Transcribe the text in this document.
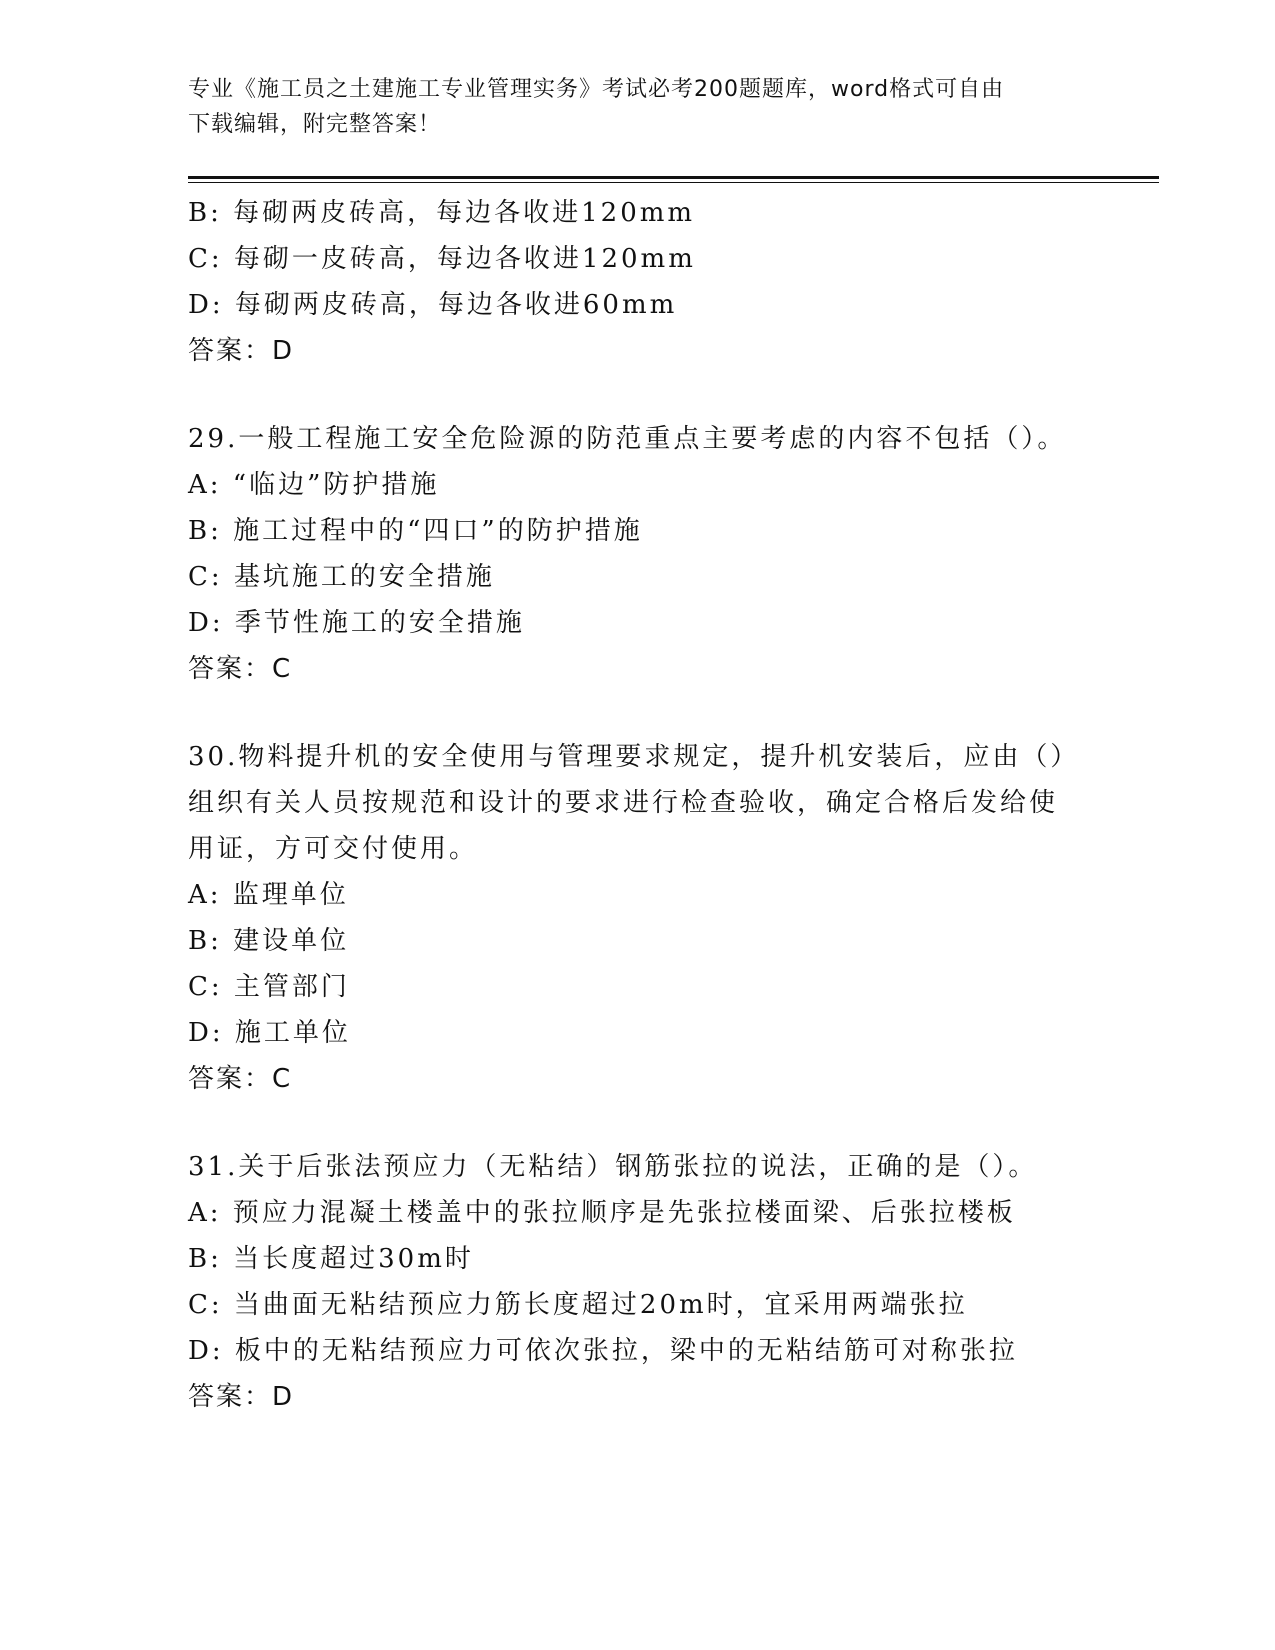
专业《施工员之土建施工专业管理实务》考试必考200题题库，word格式可自由
下载编辑，附完整答案！
B: 每砌两皮砖高，每边各收进120mm
C: 每砌一皮砖高，每边各收进120mm
D: 每砌两皮砖高，每边各收进60mm
答案：D
29.一般工程施工安全危险源的防范重点主要考虑的内容不包括（）。
A: “临边”防护措施
B: 施工过程中的“四口”的防护措施
C: 基坑施工的安全措施
D: 季节性施工的安全措施
答案：C
30.物料提升机的安全使用与管理要求规定，提升机安装后，应由（）
组织有关人员按规范和设计的要求进行检查验收，确定合格后发给使
用证，方可交付使用。
A: 监理单位
B: 建设单位
C: 主管部门
D: 施工单位
答案：C
31.关于后张法预应力（无粘结）钢筋张拉的说法，正确的是（）。
A: 预应力混凝土楼盖中的张拉顺序是先张拉楼面梁、后张拉楼板
B: 当长度超过30m时
C: 当曲面无粘结预应力筋长度超过20m时，宜采用两端张拉
D: 板中的无粘结预应力可依次张拉，梁中的无粘结筋可对称张拉
答案：D
